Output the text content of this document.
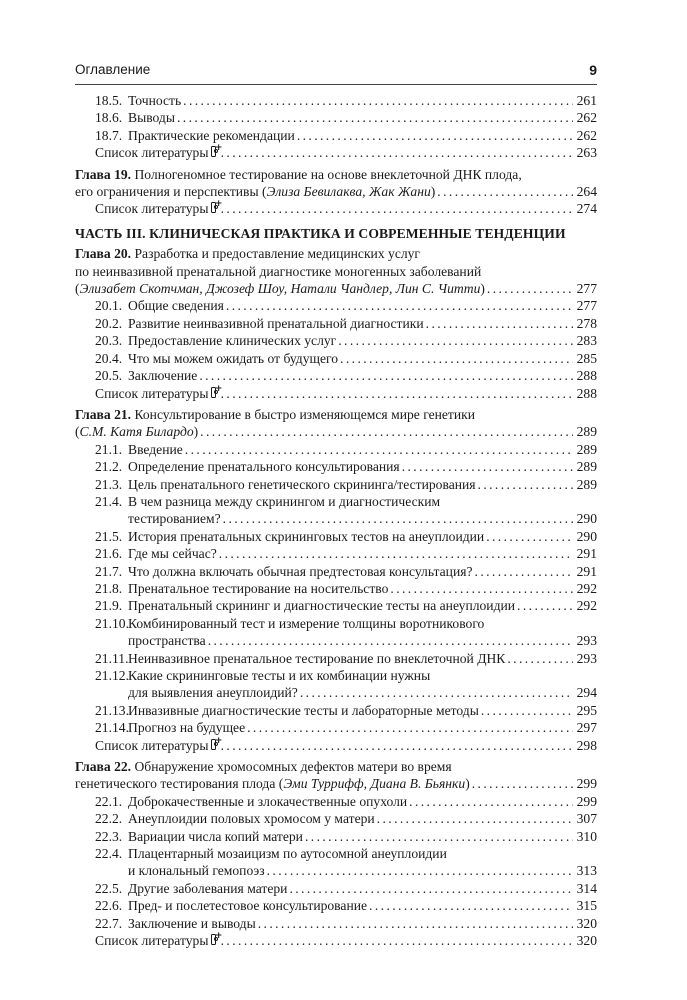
Оглавление	9
18.5. Точность . . .	261
18.6. Выводы . . .	262
18.7. Практические рекомендации . . .	262
Список литературы + . . .	263
Глава 19. Полногеномное тестирование на основе внеклеточной ДНК плода,
его ограничения и перспективы (Элиза Бевилаква, Жак Жани) . . .	264
Список литературы + . . .	274
ЧАСТЬ III. КЛИНИЧЕСКАЯ ПРАКТИКА И СОВРЕМЕННЫЕ ТЕНДЕНЦИИ
Глава 20. Разработка и предоставление медицинских услуг
по неинвазивной пренатальной диагностике моногенных заболеваний
(Элизабет Скотчман, Джозеф Шоу, Натали Чандлер, Лин С. Читти) . . .	277
20.1. Общие сведения . . .	277
20.2. Развитие неинвазивной пренатальной диагностики . . .	278
20.3. Предоставление клинических услуг . . .	283
20.4. Что мы можем ожидать от будущего . . .	285
20.5. Заключение . . .	288
Список литературы + . . .	288
Глава 21. Консультирование в быстро изменяющемся мире генетики
(С.М. Катя Билардо) . . .	289
21.1. Введение . . .	289
21.2. Определение пренатального консультирования . . .	289
21.3. Цель пренатального генетического скрининга/тестирования . . .	289
21.4. В чем разница между скринингом и диагностическим
тестированием? . . .	290
21.5. История пренатальных скрининговых тестов на анеуплоидии . . .	290
21.6. Где мы сейчас? . . .	291
21.7. Что должна включать обычная предтестовая консультация? . . .	291
21.8. Пренатальное тестирование на носительство . . .	292
21.9. Пренатальный скрининг и диагностические тесты на анеуплоидии . . .	292
21.10. Комбинированный тест и измерение толщины воротникового
пространства . . .	293
21.11. Неинвазивное пренатальное тестирование по внеклеточной ДНК . . .	293
21.12. Какие скрининговые тесты и их комбинации нужны
для выявления анеуплоидий? . . .	294
21.13. Инвазивные диагностические тесты и лабораторные методы . . .	295
21.14. Прогноз на будущее . . .	297
Список литературы + . . .	298
Глава 22. Обнаружение хромосомных дефектов матери во время
генетического тестирования плода (Эми Туррифф, Диана В. Бьянки) . . .	299
22.1. Доброкачественные и злокачественные опухоли . . .	299
22.2. Анеуплоидии половых хромосом у матери . . .	307
22.3. Вариации числа копий матери . . .	310
22.4. Плацентарный мозаицизм по аутосомной анеуплоидии
и клональный гемопоэз . . .	313
22.5. Другие заболевания матери . . .	314
22.6. Пред- и послетестовое консультирование . . .	315
22.7. Заключение и выводы . . .	320
Список литературы + . . .	320
